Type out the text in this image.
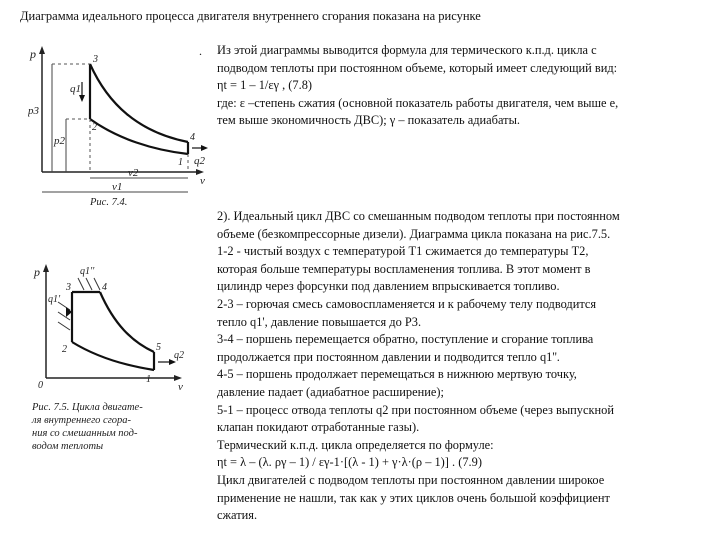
Диаграмма идеального процесса двигателя внутреннего сгорания показана на рисунке
.
p
p3
p2
q1
q2
3
2
4
1
v2
v1	v
Рис. 7.4.
p
v
0
q1'
q1''
q2
3	4
2	5
1
Рис. 7.5. Цикла двигате-
ля внутреннего сгора-
ния со смешанным под-
водом теплоты
Из этой диаграммы выводится формула для термического к.п.д. цикла с
подводом теплоты при постоянном объеме, который имеет следующий вид:
ηt = 1 – 1/εγ , (7.8)
где: ε –степень сжатия (основной показатель работы двигателя, чем выше е,
тем выше экономичность ДВС); γ – показатель адиабаты.
2). Идеальный цикл ДВС со смешанным подводом теплоты при постоянном
объеме (безкомпрессорные дизели). Диаграмма цикла показана на рис.7.5.
1-2 - чистый воздух с температурой T1 сжимается до температуры T2,
которая больше температуры воспламенения топлива. В этот момент в
цилиндр через форсунки под давлением впрыскивается топливо.
2-3 – горючая смесь самовоспламеняется и к рабочему телу подводится
тепло q1', давление повышается до P3.
3-4 – поршень перемещается обратно, поступление и сгорание топлива
продолжается при постоянном давлении и подводится тепло q1''.
4-5 – поршень продолжает перемещаться в нижнюю мертвую точку,
давление падает (адиабатное расширение);
5-1 – процесс отвода теплоты q2 при постоянном объеме (через выпускной
клапан покидают отработанные газы).
Термический к.п.д. цикла определяется по формуле:
ηt = λ – (λ. ργ – 1) / εγ-1·[(λ - 1) + γ·λ·(ρ – 1)] . (7.9)
Цикл двигателей с подводом теплоты при постоянном давлении широкое
применение не нашли, так как у этих циклов очень большой коэффициент
сжатия.
